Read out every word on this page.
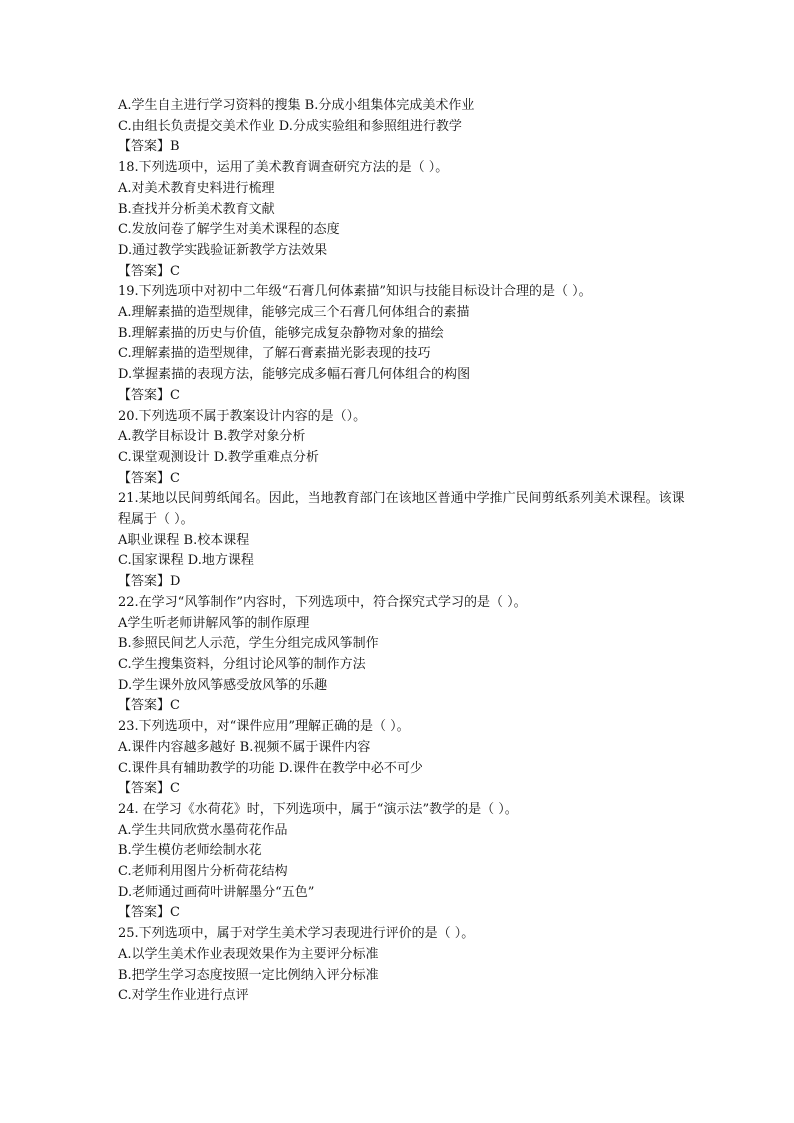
A.学生自主进行学习资料的搜集 B.分成小组集体完成美术作业
C.由组长负责提交美术作业 D.分成实验组和参照组进行教学
【答案】B
18.下列选项中，运用了美术教育调查研究方法的是（ ）。
A.对美术教育史料进行梳理
B.查找并分析美术教育文献
C.发放问卷了解学生对美术课程的态度
D.通过教学实践验证新教学方法效果
【答案】C
19.下列选项中对初中二年级“石膏几何体素描”知识与技能目标设计合理的是（ ）。
A.理解素描的造型规律，能够完成三个石膏几何体组合的素描
B.理解素描的历史与价值，能够完成复杂静物对象的描绘
C.理解素描的造型规律，了解石膏素描光影表现的技巧
D.掌握素描的表现方法，能够完成多幅石膏几何体组合的构图
【答案】C
20.下列选项不属于教案设计内容的是（）。
A.教学目标设计 B.教学对象分析
C.课堂观测设计 D.教学重难点分析
【答案】C
21.某地以民间剪纸闻名。因此，当地教育部门在该地区普通中学推广民间剪纸系列美术课程。该课程属于（ ）。
A职业课程 B.校本课程
C.国家课程 D.地方课程
【答案】D
22.在学习“风筝制作”内容时，下列选项中，符合探究式学习的是（ ）。
A学生听老师讲解风筝的制作原理
B.参照民间艺人示范，学生分组完成风筝制作
C.学生搜集资料，分组讨论风筝的制作方法
D.学生课外放风筝感受放风筝的乐趣
【答案】C
23.下列选项中，对“课件应用”理解正确的是（ ）。
A.课件内容越多越好 B.视频不属于课件内容
C.课件具有辅助教学的功能 D.课件在教学中必不可少
【答案】C
24. 在学习《水荷花》时，下列选项中，属于“演示法”教学的是（ ）。
A.学生共同欣赏水墨荷花作品
B.学生模仿老师绘制水花
C.老师利用图片分析荷花结构
D.老师通过画荷叶讲解墨分“五色”
【答案】C
25.下列选项中，属于对学生美术学习表现进行评价的是（ ）。
A.以学生美术作业表现效果作为主要评分标准
B.把学生学习态度按照一定比例纳入评分标准
C.对学生作业进行点评
